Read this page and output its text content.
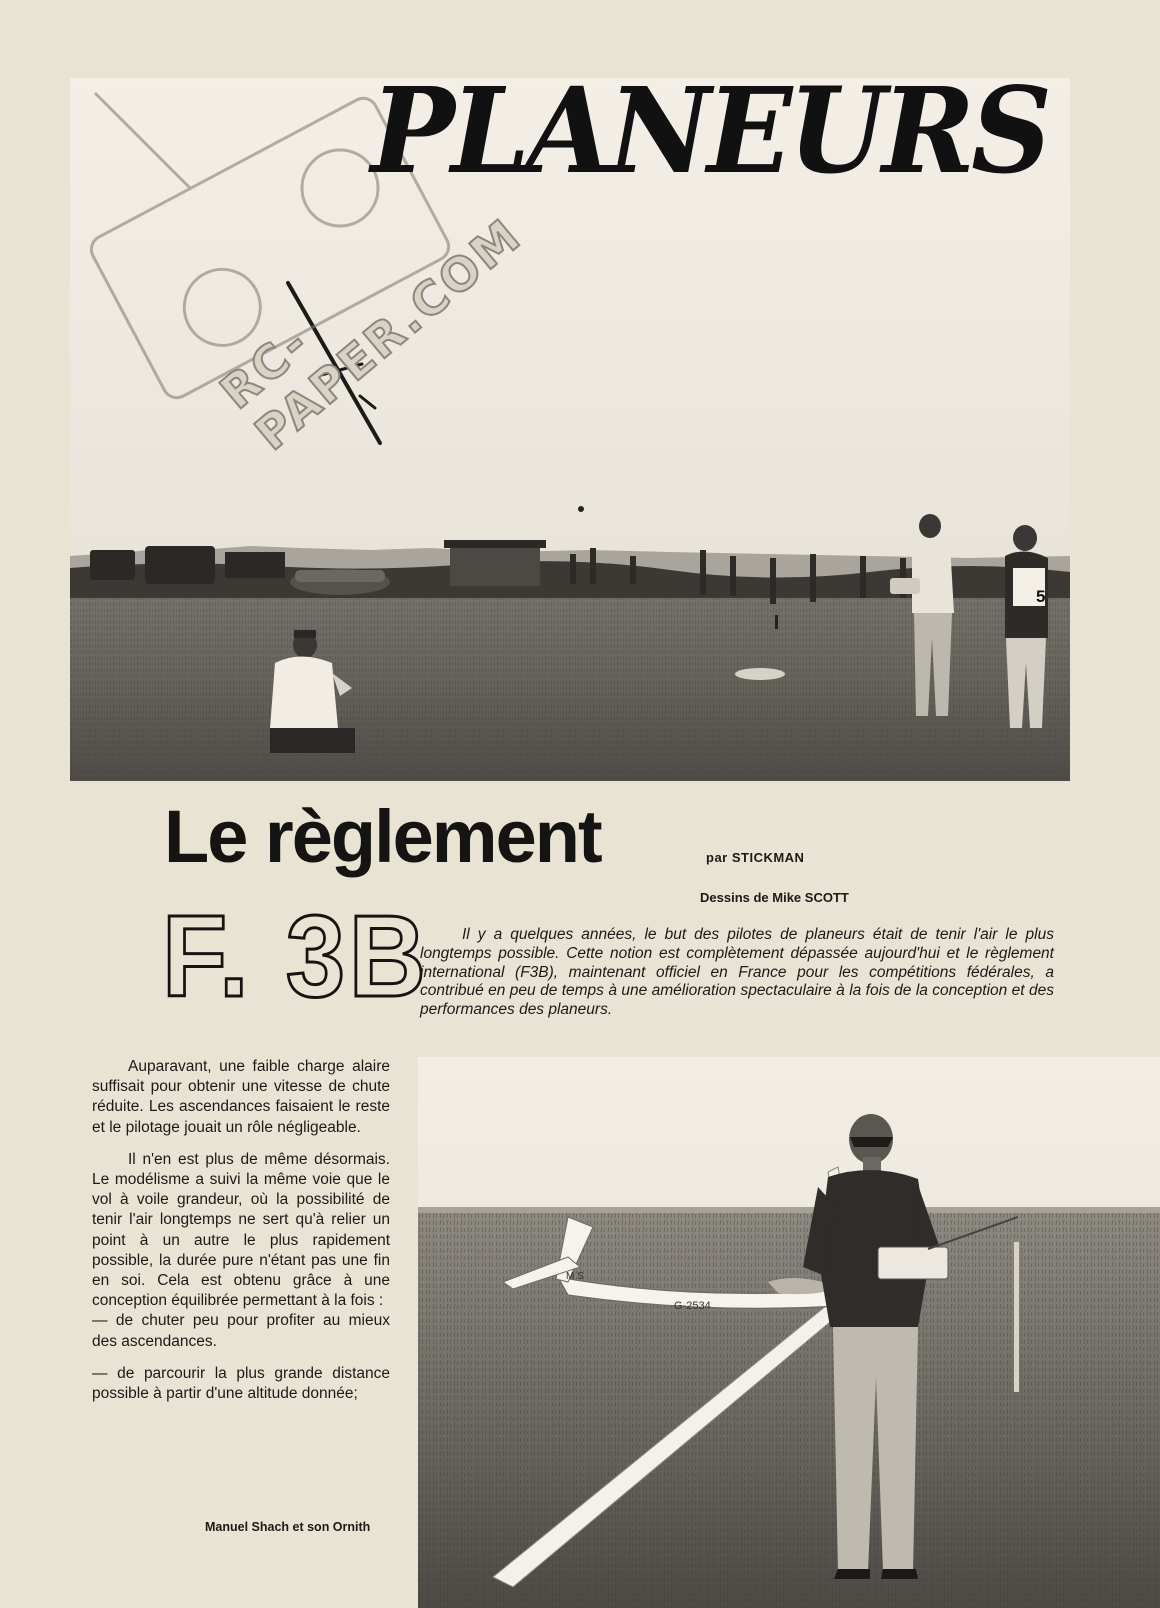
5
RC-PAPER.COM
PLANEURS
Le règlement	par STICKMAN
Dessins de Mike SCOTT
F. 3B	Il y a quelques années, le but des pilotes de planeurs était de tenir l'air le plus longtemps possible. Cette notion est complètement dépassée aujourd'hui et le règlement international (F3B), maintenant officiel en France pour les compétitions fédérales, a contribué en peu de temps à une amélioration spectaculaire à la fois de la conception et des performances des planeurs.

Auparavant, une faible charge alaire suffisait pour obtenir une vitesse de chute réduite. Les ascendances faisaient le reste et le pilotage jouait un rôle négligeable.

Il n'en est plus de même désormais. Le modélisme a suivi la même voie que le vol à voile grandeur, où la possibilité de tenir l'air longtemps ne sert qu'à relier un point à un autre le plus rapidement possible, la durée pure n'étant pas une fin en soi. Cela est obtenu grâce à une conception équilibrée permettant à la fois :

— de chuter peu pour profiter au mieux des ascendances.

— de parcourir la plus grande distance possible à partir d'une altitude donnée;

Manuel Shach et son Ornith
G-2534
M S
